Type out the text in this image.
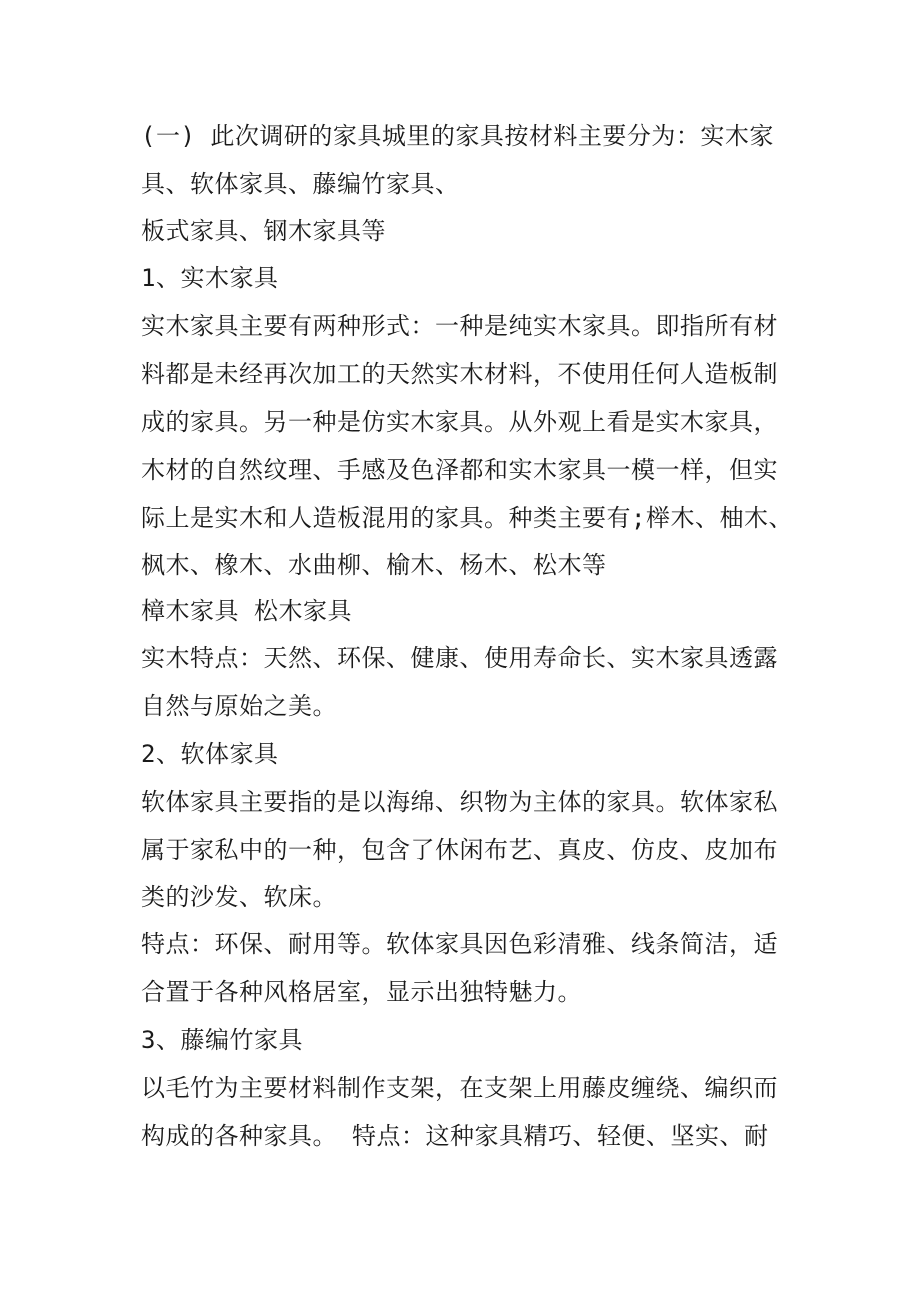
(一) 此次调研的家具城里的家具按材料主要分为：实木家
具、软体家具、藤编竹家具、
板式家具、钢木家具等
1、实木家具
实木家具主要有两种形式：一种是纯实木家具。即指所有材
料都是未经再次加工的天然实木材料，不使用任何人造板制
成的家具。另一种是仿实木家具。从外观上看是实木家具，
木材的自然纹理、手感及色泽都和实木家具一模一样，但实
际上是实木和人造板混用的家具。种类主要有;榉木、柚木、
枫木、橡木、水曲柳、榆木、杨木、松木等
樟木家具 松木家具
实木特点：天然、环保、健康、使用寿命长、实木家具透露
自然与原始之美。
2、软体家具
软体家具主要指的是以海绵、织物为主体的家具。软体家私
属于家私中的一种，包含了休闲布艺、真皮、仿皮、皮加布
类的沙发、软床。
特点：环保、耐用等。软体家具因色彩清雅、线条简洁，适
合置于各种风格居室，显示出独特魅力。
3、藤编竹家具
以毛竹为主要材料制作支架，在支架上用藤皮缠绕、编织而
构成的各种家具。 特点：这种家具精巧、轻便、坚实、耐
